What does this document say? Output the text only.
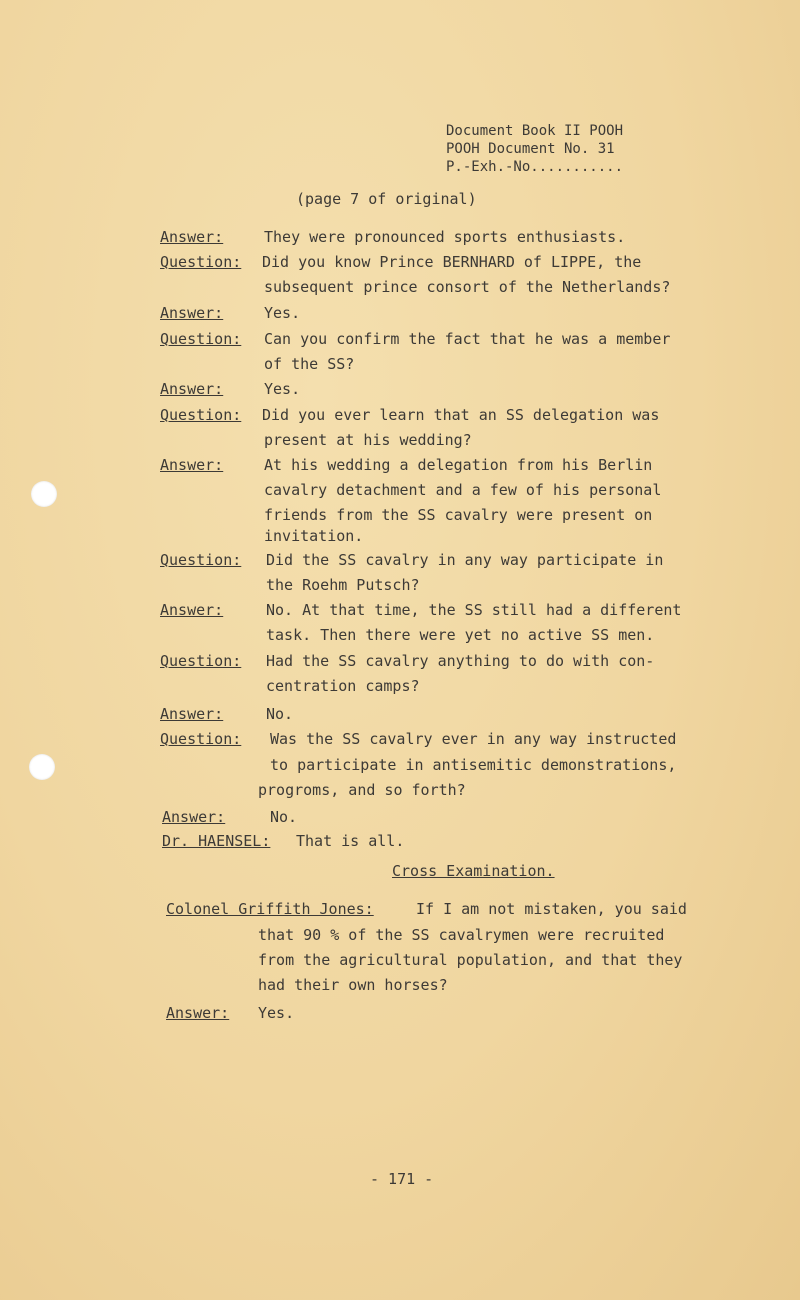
Document Book II POOH
POOH Document No. 31
P.-Exh.-No...........
(page 7 of original)
Answer:	They were pronounced sports enthusiasts.
Question: Did you know Prince BERNHARD of LIPPE, the
subsequent prince consort of the Netherlands?
Answer:	Yes.
Question: Can you confirm the fact that he was a member
of the SS?
Answer:	Yes.
Question: Did you ever learn that an SS delegation was
present at his wedding?
Answer:	At his wedding a delegation from his Berlin
cavalry detachment and a few of his personal
friends from the SS cavalry were present on
invitation.
Question: Did the SS cavalry in any way participate in
the Roehm Putsch?
Answer:	No. At that time, the SS still had a different
task. Then there were yet no active SS men.
Question: Had the SS cavalry anything to do with con-
centration camps?
Answer:	No.
Question: Was the SS cavalry ever in any way instructed
to participate in antisemitic demonstrations,
progroms, and so forth?
Answer:	No.
Dr. HAENSEL: That is all.
Cross Examination.
Colonel Griffith Jones:	If I am not mistaken, you said
that 90 % of the SS cavalrymen were recruited
from the agricultural population, and that they
had their own horses?
Answer: Yes.
- 171 -
